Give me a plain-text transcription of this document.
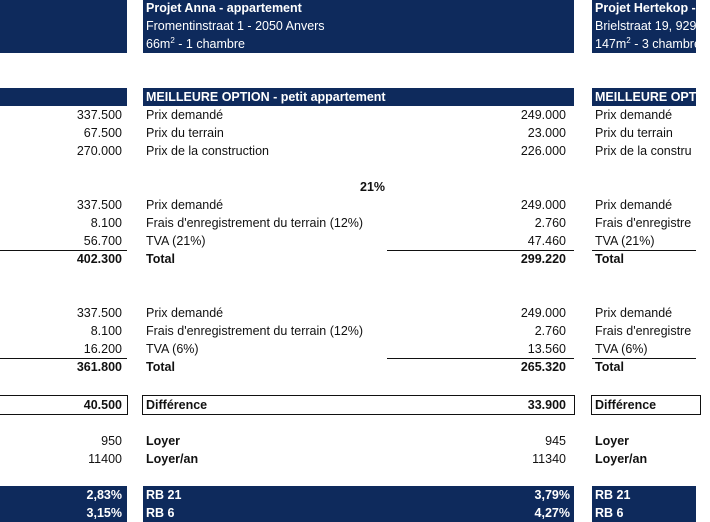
Projet Anna - appartement
Fromentinstraat 1 - 2050 Anvers
$66m^2 - 1$ chambre
Projet Hertekop -
Brielstraat 19, 929
$147m^2 - 3$ chambre
MEILLEURE OPTION - petit appartement	MEILLEURE OPTIO
337.500 Prix demandé	249.000 Prix demandé
67.500 Prix du terrain	23.000 Prix du terrain
270.000 Prix de la construction	226.000 Prix de la constru
21%
337.500 Prix demandé	249.000 Prix demandé
8.100 Frais d'enregistrement du terrain (12%)	2.760 Frais d'enregistre
56.700 TVA (21%)	47.460 TVA (21%)
402.300 Total	299.220 Total
337.500 Prix demandé	249.000 Prix demandé
8.100 Frais d'enregistrement du terrain (12%)	2.760 Frais d'enregistre
16.200 TVA (6%)	13.560 TVA (6%)
361.800 Total	265.320 Total
40.500 Différence	33.900 Différence
950 Loyer	945 Loyer
11400 Loyer/an	11340 Loyer/an
2,83% RB 21	3,79% RB 21
3,15% RB 6	4,27% RB 6
